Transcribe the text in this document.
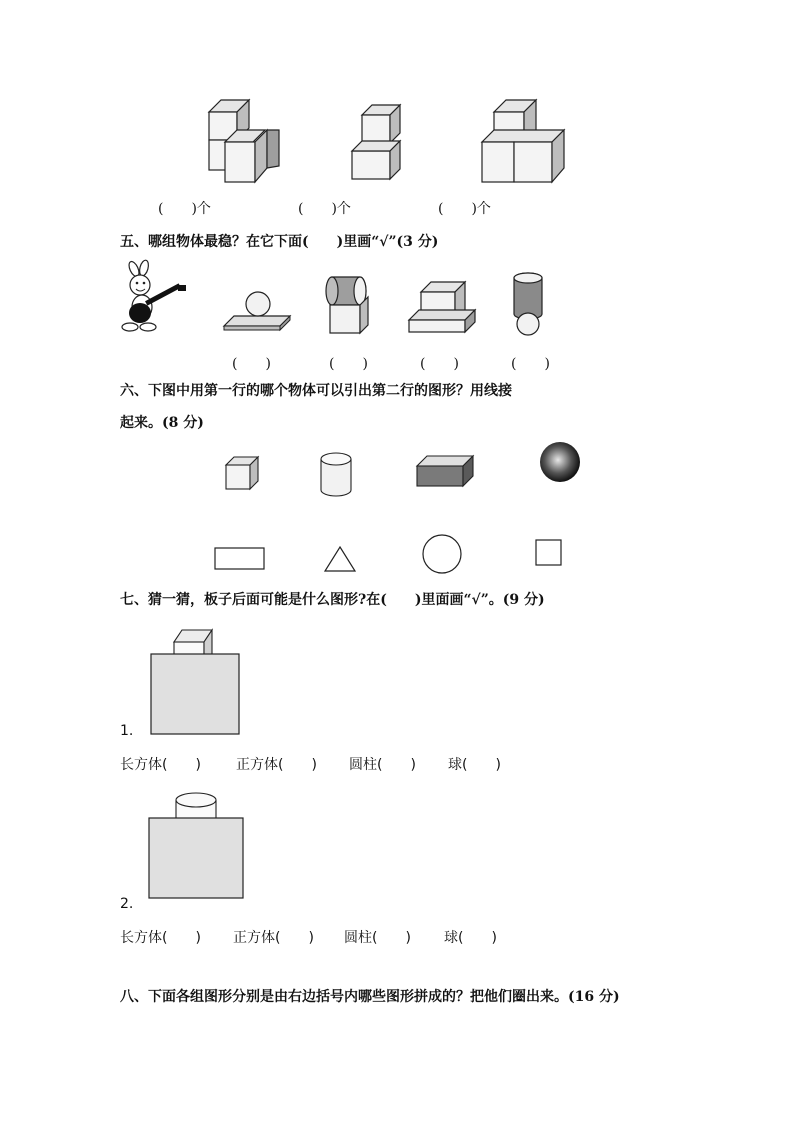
(　　)个	(　　)个	(　　)个
五、哪组物体最稳？在它下面(　　)里画“√”(3 分)
(　　)	(　　)	(　　)	(　　)
六、下图中用第一行的哪个物体可以引出第二行的图形？用线接
起来。(8 分)
七、猜一猜，板子后面可能是什么图形?在(　　)里面画“√”。(9 分)
1.
长方体(　　)	正方体(　　) 圆柱(　　) 球(　　)
2.
长方体(　　) 正方体(　　) 圆柱(　　) 球(　　)
八、下面各组图形分别是由右边括号内哪些图形拼成的？把他们圈出来。(16 分)
